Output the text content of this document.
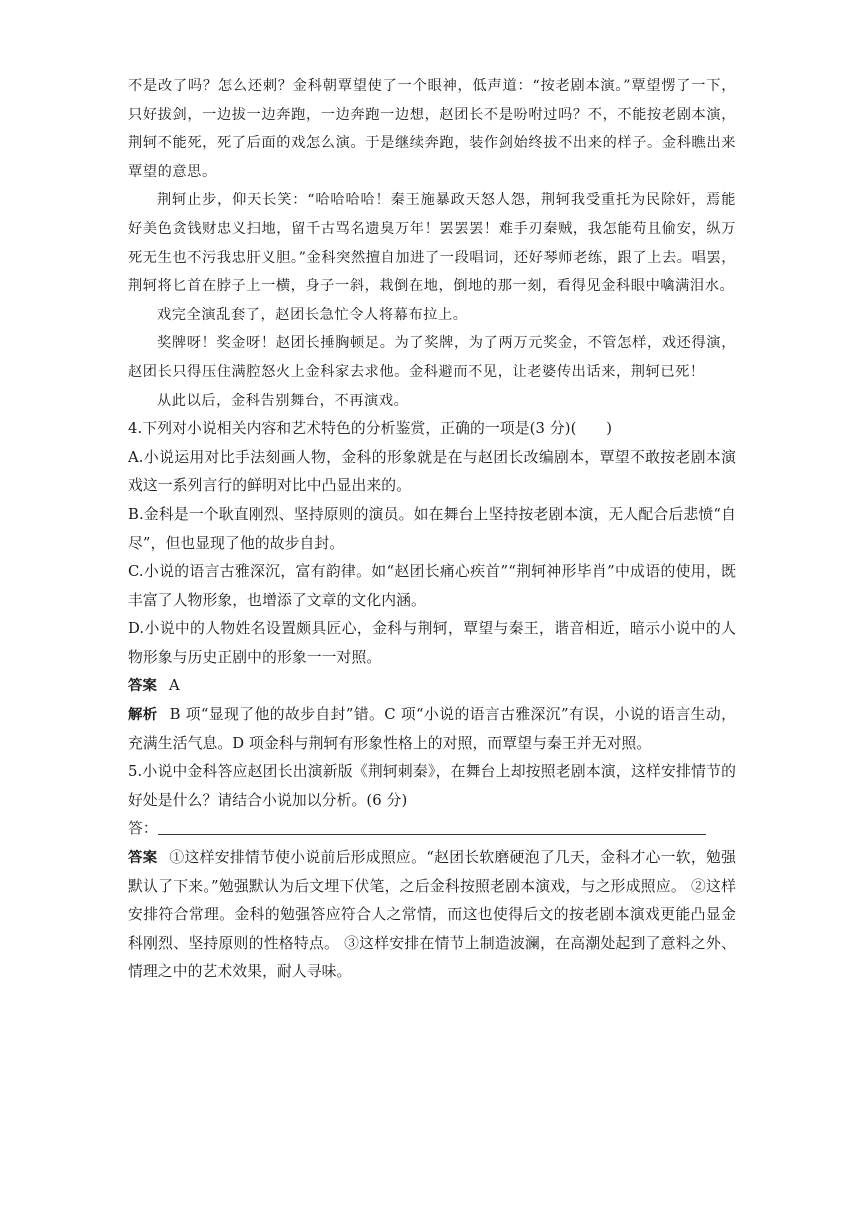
不是改了吗？怎么还刺？金科朝覃望使了一个眼神，低声道：“按老剧本演。”覃望愣了一下，只好拔剑，一边拔一边奔跑，一边奔跑一边想，赵团长不是吩咐过吗？不，不能按老剧本演，荆轲不能死，死了后面的戏怎么演。于是继续奔跑，装作剑始终拔不出来的样子。金科瞧出来覃望的意思。

荆轲止步，仰天长笑：“哈哈哈哈！秦王施暴政天怒人怨，荆轲我受重托为民除奸，焉能好美色贪钱财忠义扫地，留千古骂名遗臭万年！罢罢罢！难手刃秦贼，我怎能苟且偷安，纵万死无生也不污我忠肝义胆。”金科突然擅自加进了一段唱词，还好琴师老练，跟了上去。唱罢，荆轲将匕首在脖子上一横，身子一斜，栽倒在地，倒地的那一刻，看得见金科眼中噙满泪水。

戏完全演乱套了，赵团长急忙令人将幕布拉上。

奖牌呀！奖金呀！赵团长捶胸顿足。为了奖牌，为了两万元奖金，不管怎样，戏还得演，赵团长只得压住满腔怒火上金科家去求他。金科避而不见，让老婆传出话来，荆轲已死！

从此以后，金科告别舞台，不再演戏。

4.下列对小说相关内容和艺术特色的分析鉴赏，正确的一项是(3 分)(　　)

A.小说运用对比手法刻画人物，金科的形象就是在与赵团长改编剧本，覃望不敢按老剧本演戏这一系列言行的鲜明对比中凸显出来的。

B.金科是一个耿直刚烈、坚持原则的演员。如在舞台上坚持按老剧本演，无人配合后悲愤“自尽”，但也显现了他的故步自封。

C.小说的语言古雅深沉，富有韵律。如“赵团长痛心疾首”“荆轲神形毕肖”中成语的使用，既丰富了人物形象，也增添了文章的文化内涵。

D.小说中的人物姓名设置颇具匠心，金科与荆轲，覃望与秦王，谐音相近，暗示小说中的人物形象与历史正剧中的形象一一对照。

答案 A

解析 B 项“显现了他的故步自封”错。C 项“小说的语言古雅深沉”有误，小说的语言生动，充满生活气息。D 项金科与荆轲有形象性格上的对照，而覃望与秦王并无对照。

5.小说中金科答应赵团长出演新版《荆轲刺秦》，在舞台上却按照老剧本演，这样安排情节的好处是什么？请结合小说加以分析。(6 分)

答：

答案 ①这样安排情节使小说前后形成照应。“赵团长软磨硬泡了几天，金科才心一软，勉强默认了下来。”勉强默认为后文埋下伏笔，之后金科按照老剧本演戏，与之形成照应。 ②这样安排符合常理。金科的勉强答应符合人之常情，而这也使得后文的按老剧本演戏更能凸显金科刚烈、坚持原则的性格特点。 ③这样安排在情节上制造波澜，在高潮处起到了意料之外、情理之中的艺术效果，耐人寻味。
